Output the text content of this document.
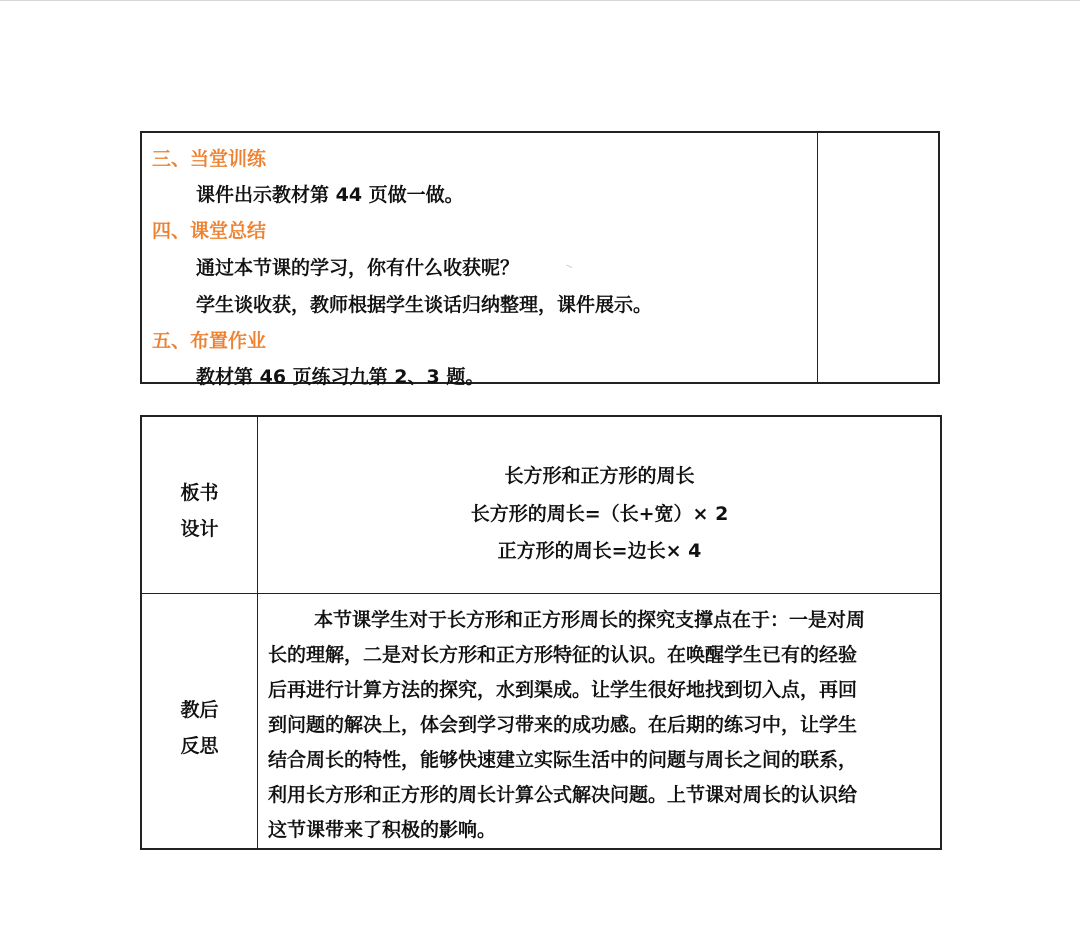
三、当堂训练
课件出示教材第 44 页做一做。
四、课堂总结
通过本节课的学习，你有什么收获呢？
学生谈收获，教师根据学生谈话归纳整理，课件展示。
五、布置作业
教材第 46 页练习九第 2、3 题。
板书
设计
长方形和正方形的周长
长方形的周长=（长+宽）× 2
正方形的周长=边长× 4
教后
反思
本节课学生对于长方形和正方形周长的探究支撑点在于：一是对周
长的理解，二是对长方形和正方形特征的认识。在唤醒学生已有的经验
后再进行计算方法的探究，水到渠成。让学生很好地找到切入点，再回
到问题的解决上，体会到学习带来的成功感。在后期的练习中，让学生
结合周长的特性，能够快速建立实际生活中的问题与周长之间的联系，
利用长方形和正方形的周长计算公式解决问题。上节课对周长的认识给
这节课带来了积极的影响。
